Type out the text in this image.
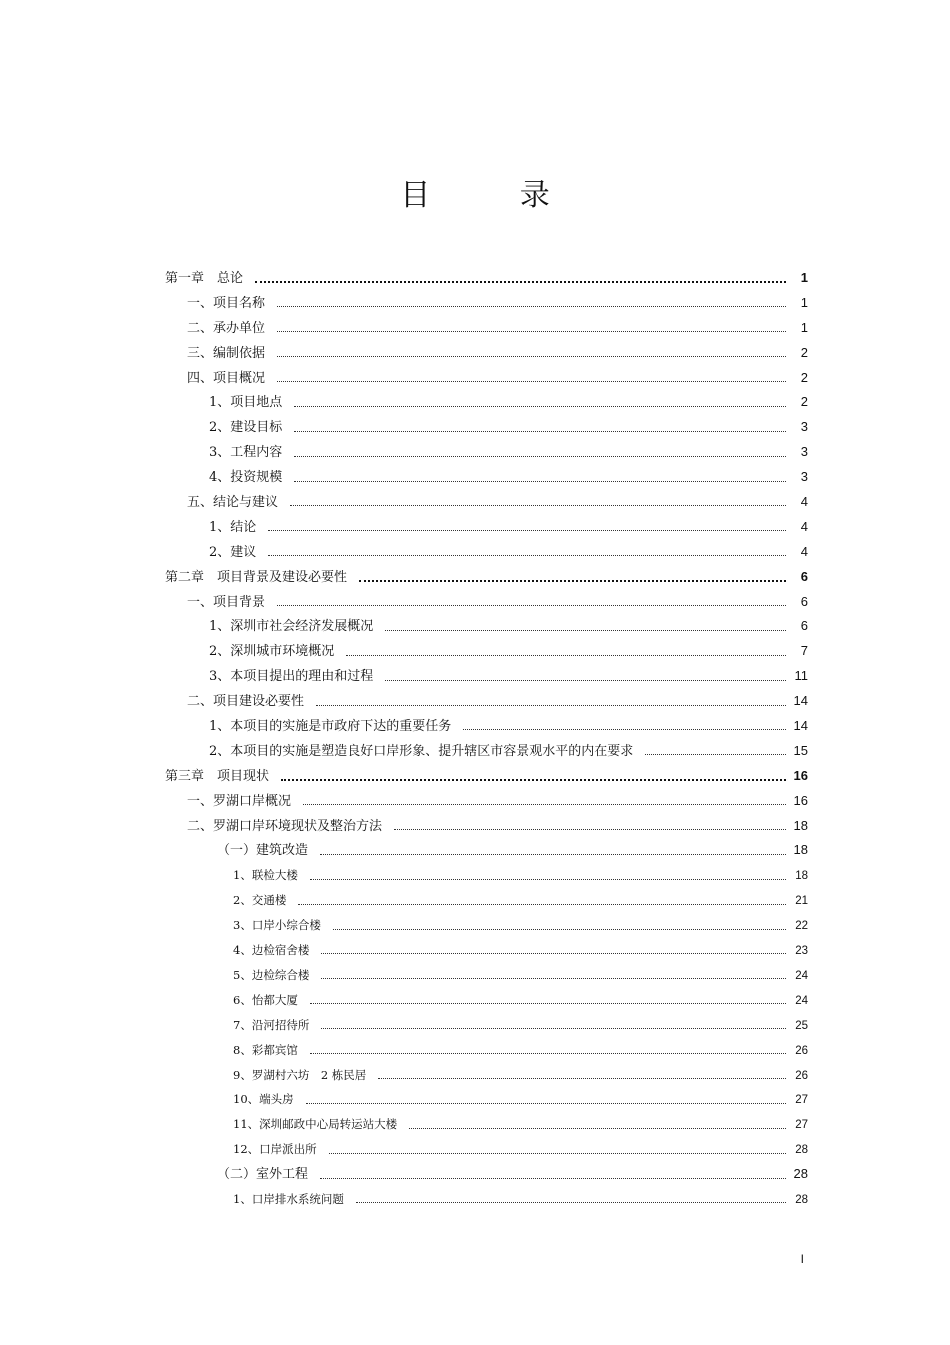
目 录
第一章　总论	1
一、项目名称	1
二、承办单位	1
三、编制依据	2
四、项目概况	2
1、项目地点	2
2、建设目标	3
3、工程内容	3
4、投资规模	3
五、结论与建议	4
1、结论	4
2、建议	4
第二章　项目背景及建设必要性	6
一、项目背景	6
1、深圳市社会经济发展概况	6
2、深圳城市环境概况	7
3、本项目提出的理由和过程	11
二、项目建设必要性	14
1、本项目的实施是市政府下达的重要任务	14
2、本项目的实施是塑造良好口岸形象、提升辖区市容景观水平的内在要求	15
第三章　项目现状	16
一、罗湖口岸概况	16
二、罗湖口岸环境现状及整治方法	18
（一）建筑改造	18
1、联检大楼	18
2、交通楼	21
3、口岸小综合楼	22
4、边检宿舍楼	23
5、边检综合楼	24
6、怡都大厦	24
7、沿河招待所	25
8、彩都宾馆	26
9、罗湖村六坊　2 栋民居	26
10、端头房	27
11、深圳邮政中心局转运站大楼	27
12、口岸派出所	28
（二）室外工程	28
1、口岸排水系统问题	28
I
